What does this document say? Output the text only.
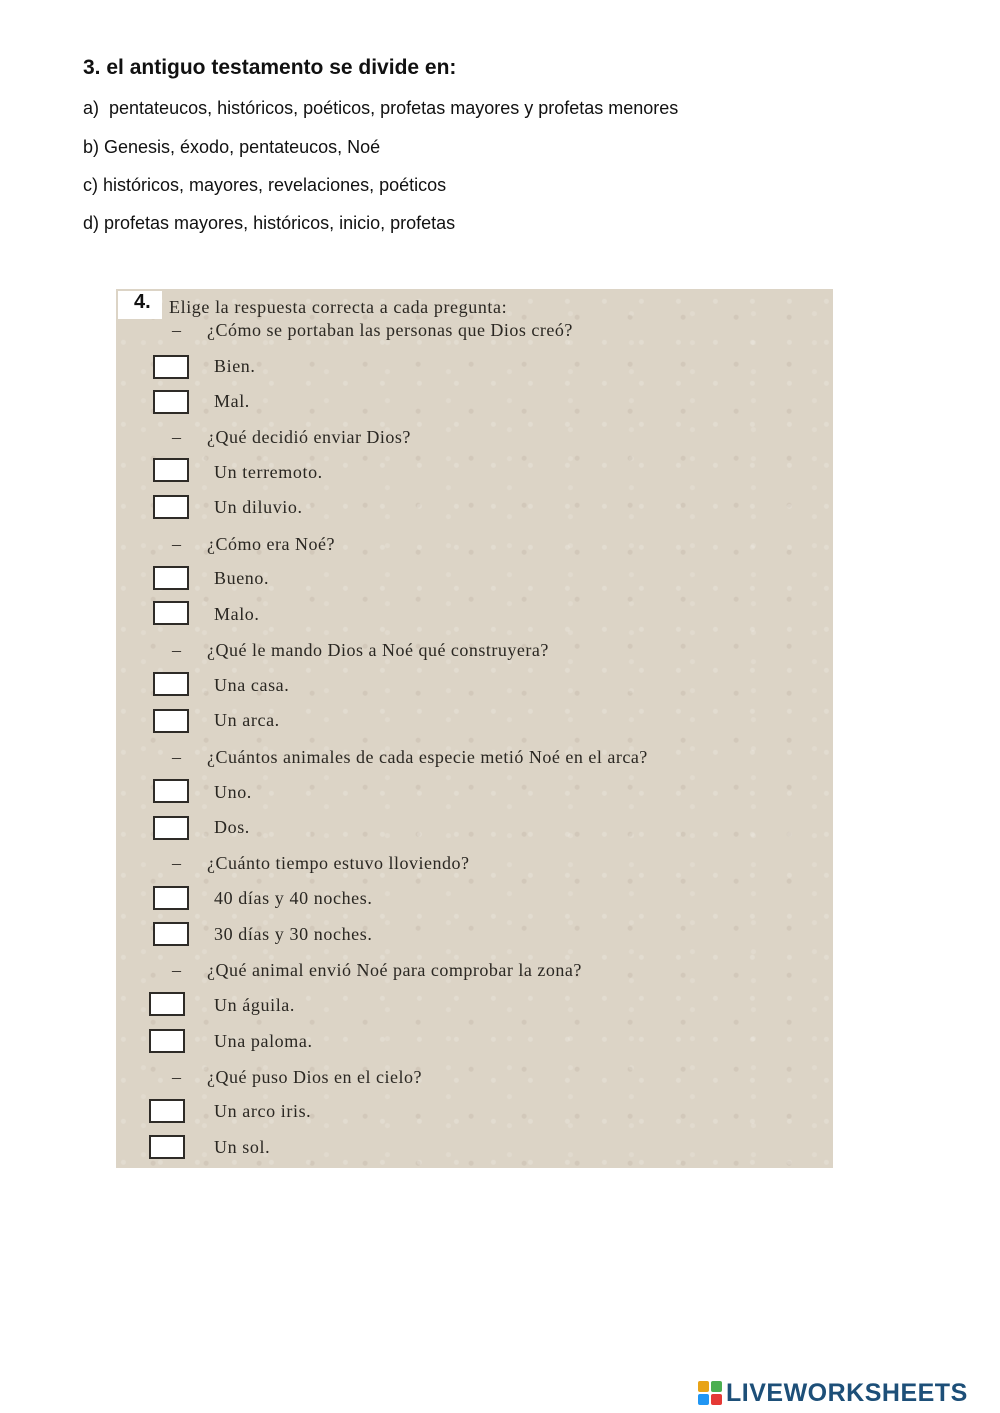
3. el antiguo testamento se divide en:
a)  pentateucos, históricos, poéticos, profetas mayores y profetas menores
b) Genesis, éxodo, pentateucos, Noé
c) históricos, mayores, revelaciones, poéticos
d) profetas mayores, históricos, inicio, profetas
4. Elige la respuesta correcta a cada pregunta:
– ¿Cómo se portaban las personas que Dios creó?
Bien.
Mal.
– ¿Qué decidió enviar Dios?
Un terremoto.
Un diluvio.
– ¿Cómo era Noé?
Bueno.
Malo.
– ¿Qué le mando Dios a Noé qué construyera?
Una casa.
Un arca.
– ¿Cuántos animales de cada especie metió Noé en el arca?
Uno.
Dos.
– ¿Cuánto tiempo estuvo lloviendo?
40 días y 40 noches.
30 días y 30 noches.
– ¿Qué animal envió Noé para comprobar la zona?
Un águila.
Una paloma.
– ¿Qué puso Dios en el cielo?
Un arco iris.
Un sol.
LIVEWORKSHEETS
